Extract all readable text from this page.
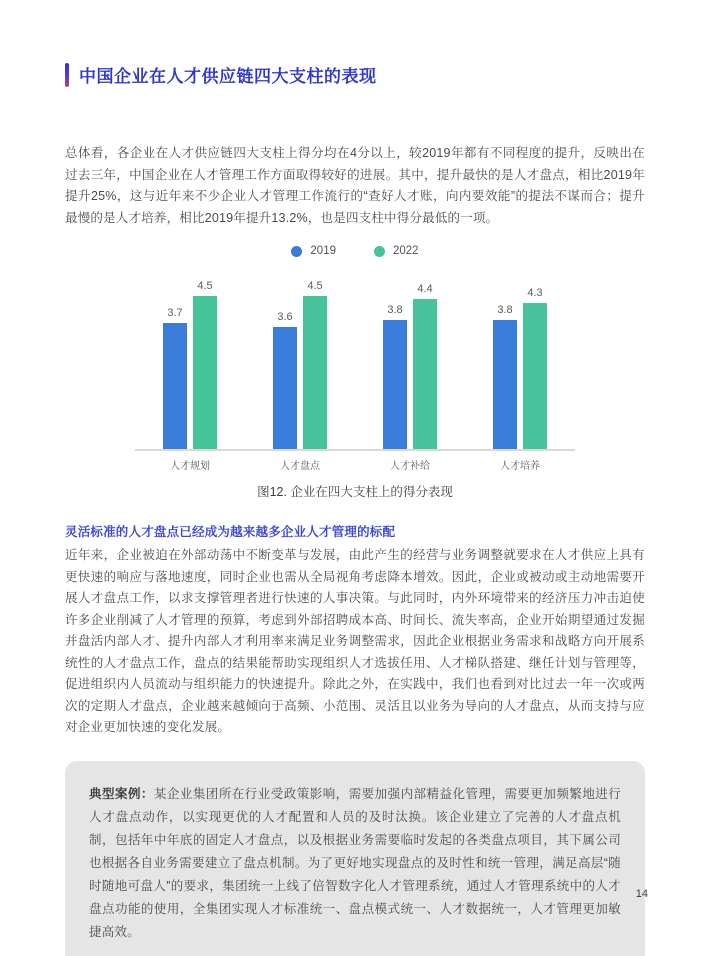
中国企业在人才供应链四大支柱的表现

总体看，各企业在人才供应链四大支柱上得分均在4分以上，较2019年都有不同程度的提升，反映出在过去三年，中国企业在人才管理工作方面取得较好的进展。其中，提升最快的是人才盘点，相比2019年提升25%，这与近年来不少企业人才管理工作流行的“查好人才账，向内要效能”的提法不谋而合；提升最慢的是人才培养，相比2019年提升13.2%，也是四支柱中得分最低的一项。

2019	2022
3.7
4.5
3.6
4.5
3.8
4.4
3.8
4.3
人才规划	人才盘点	人才补给	人才培养
图12. 企业在四大支柱上的得分表现
灵活标准的人才盘点已经成为越来越多企业人才管理的标配

近年来，企业被迫在外部动荡中不断变革与发展，由此产生的经营与业务调整就要求在人才供应上具有更快速的响应与落地速度，同时企业也需从全局视角考虑降本增效。因此，企业或被动或主动地需要开展人才盘点工作，以求支撑管理者进行快速的人事决策。与此同时，内外环境带来的经济压力冲击迫使许多企业削减了人才管理的预算，考虑到外部招聘成本高、时间长、流失率高，企业开始期望通过发掘并盘活内部人才、提升内部人才利用率来满足业务调整需求，因此企业根据业务需求和战略方向开展系统性的人才盘点工作，盘点的结果能帮助实现组织人才选拔任用、人才梯队搭建、继任计划与管理等，促进组织内人员流动与组织能力的快速提升。除此之外，在实践中，我们也看到对比过去一年一次或两次的定期人才盘点，企业越来越倾向于高频、小范围、灵活且以业务为导向的人才盘点，从而支持与应对企业更加快速的变化发展。

典型案例：某企业集团所在行业受政策影响，需要加强内部精益化管理，需要更加频繁地进行人才盘点动作，以实现更优的人才配置和人员的及时汰换。该企业建立了完善的人才盘点机制，包括年中年底的固定人才盘点，以及根据业务需要临时发起的各类盘点项目，其下属公司也根据各自业务需要建立了盘点机制。为了更好地实现盘点的及时性和统一管理，满足高层“随时随地可盘人”的要求，集团统一上线了倍智数字化人才管理系统，通过人才管理系统中的人才盘点功能的使用，全集团实现人才标准统一、盘点模式统一、人才数据统一，人才管理更加敏捷高效。

14
